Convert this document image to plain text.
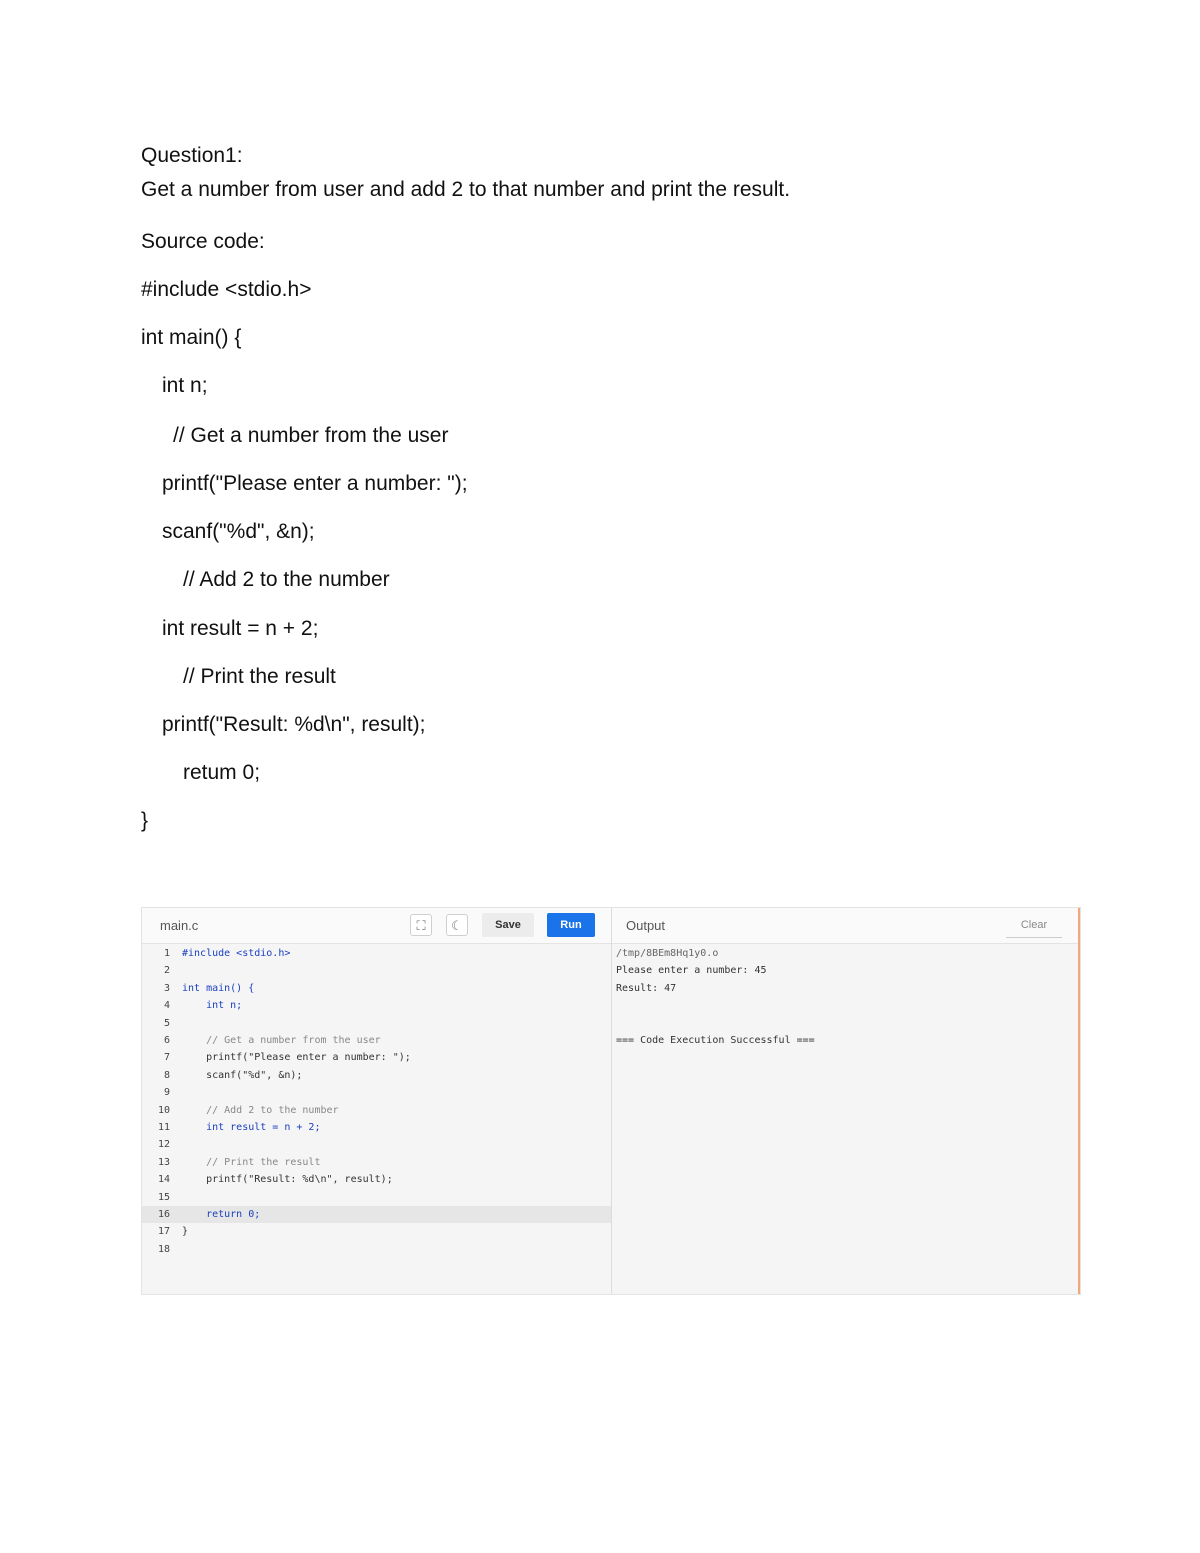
Question1:
Get a number from user and add 2 to that number and print the result.
Source code:
#include <stdio.h>
int main() {
int n;
// Get a number from the user
printf("Please enter a number: ");
scanf("%d", &n);
// Add 2 to the number
int result = n + 2;
// Print the result
printf("Result: %d\n", result);
retum 0;
}
main.c	⛶	☾	Save	Run
1 #include <stdio.h>
2
3 int main() {
4 int n;
5
6 // Get a number from the user
7 printf("Please enter a number: ");
8 scanf("%d", &n);
9
10 // Add 2 to the number
11 int result = n + 2;
12
13 // Print the result
14 printf("Result: %d\n", result);
15
16 return 0;
17 }
18
Output	Clear
/tmp/8BEm8Hq1y0.o
Please enter a number: 45
Result: 47
=== Code Execution Successful ===
